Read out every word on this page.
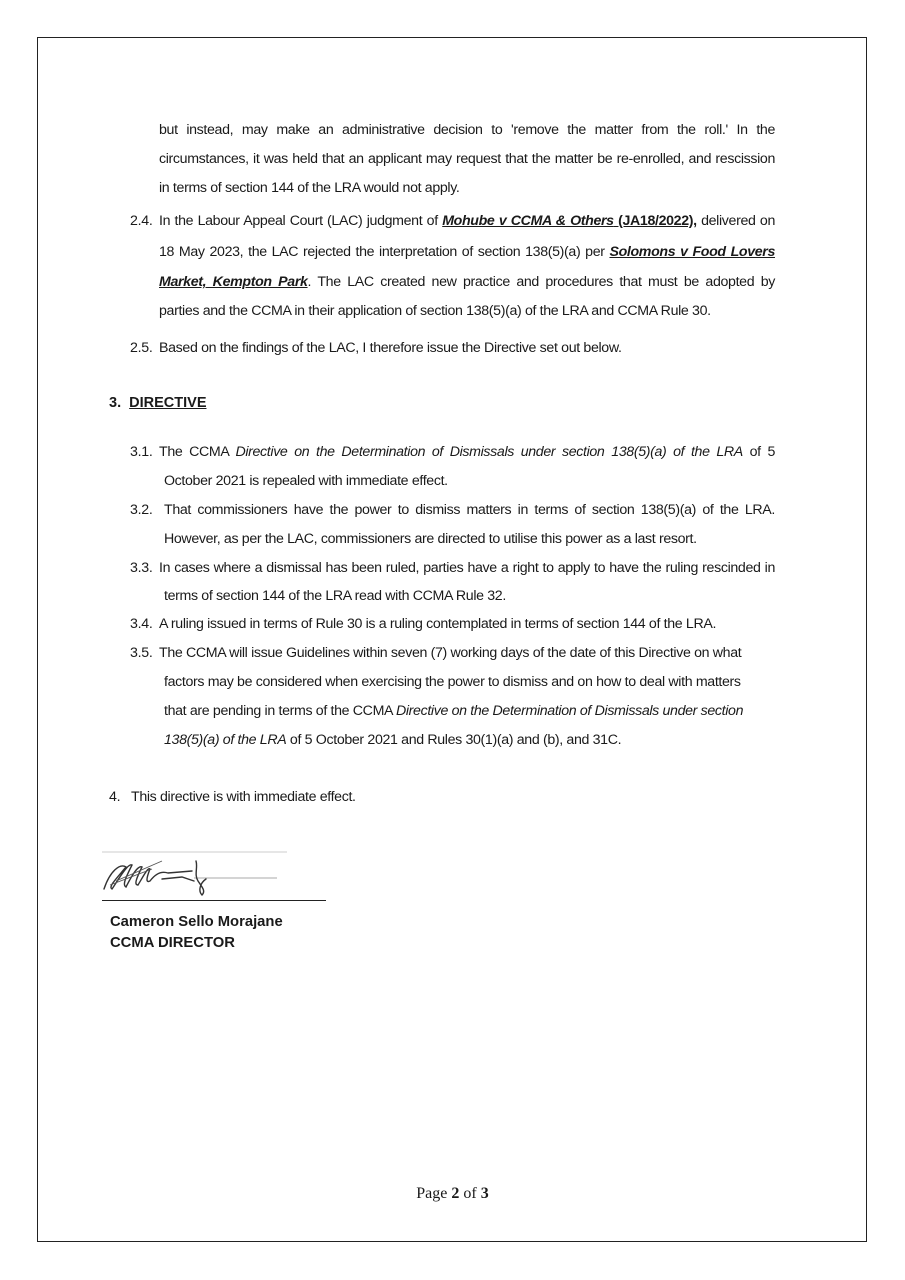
but instead, may make an administrative decision to 'remove the matter from the roll.' In the
circumstances, it was held that an applicant may request that the matter be re-enrolled, and rescission
in terms of section 144 of the LRA would not apply.
2.4. In the Labour Appeal Court (LAC) judgment of Mohube v CCMA & Others (JA18/2022), delivered on
18 May 2023, the LAC rejected the interpretation of section 138(5)(a) per Solomons v Food Lovers
Market, Kempton Park. The LAC created new practice and procedures that must be adopted by
parties and the CCMA in their application of section 138(5)(a) of the LRA and CCMA Rule 30.
2.5. Based on the findings of the LAC, I therefore issue the Directive set out below.
3. DIRECTIVE
3.1. The CCMA Directive on the Determination of Dismissals under section 138(5)(a) of the LRA of 5
October 2021 is repealed with immediate effect.
3.2. That commissioners have the power to dismiss matters in terms of section 138(5)(a) of the LRA.
However, as per the LAC, commissioners are directed to utilise this power as a last resort.
3.3. In cases where a dismissal has been ruled, parties have a right to apply to have the ruling rescinded in
terms of section 144 of the LRA read with CCMA Rule 32.
3.4. A ruling issued in terms of Rule 30 is a ruling contemplated in terms of section 144 of the LRA.
3.5. The CCMA will issue Guidelines within seven (7) working days of the date of this Directive on what
factors may be considered when exercising the power to dismiss and on how to deal with matters
that are pending in terms of the CCMA Directive on the Determination of Dismissals under section
138(5)(a) of the LRA of 5 October 2021 and Rules 30(1)(a) and (b), and 31C.
4. This directive is with immediate effect.
Cameron Sello Morajane
CCMA DIRECTOR
Page 2 of 3
